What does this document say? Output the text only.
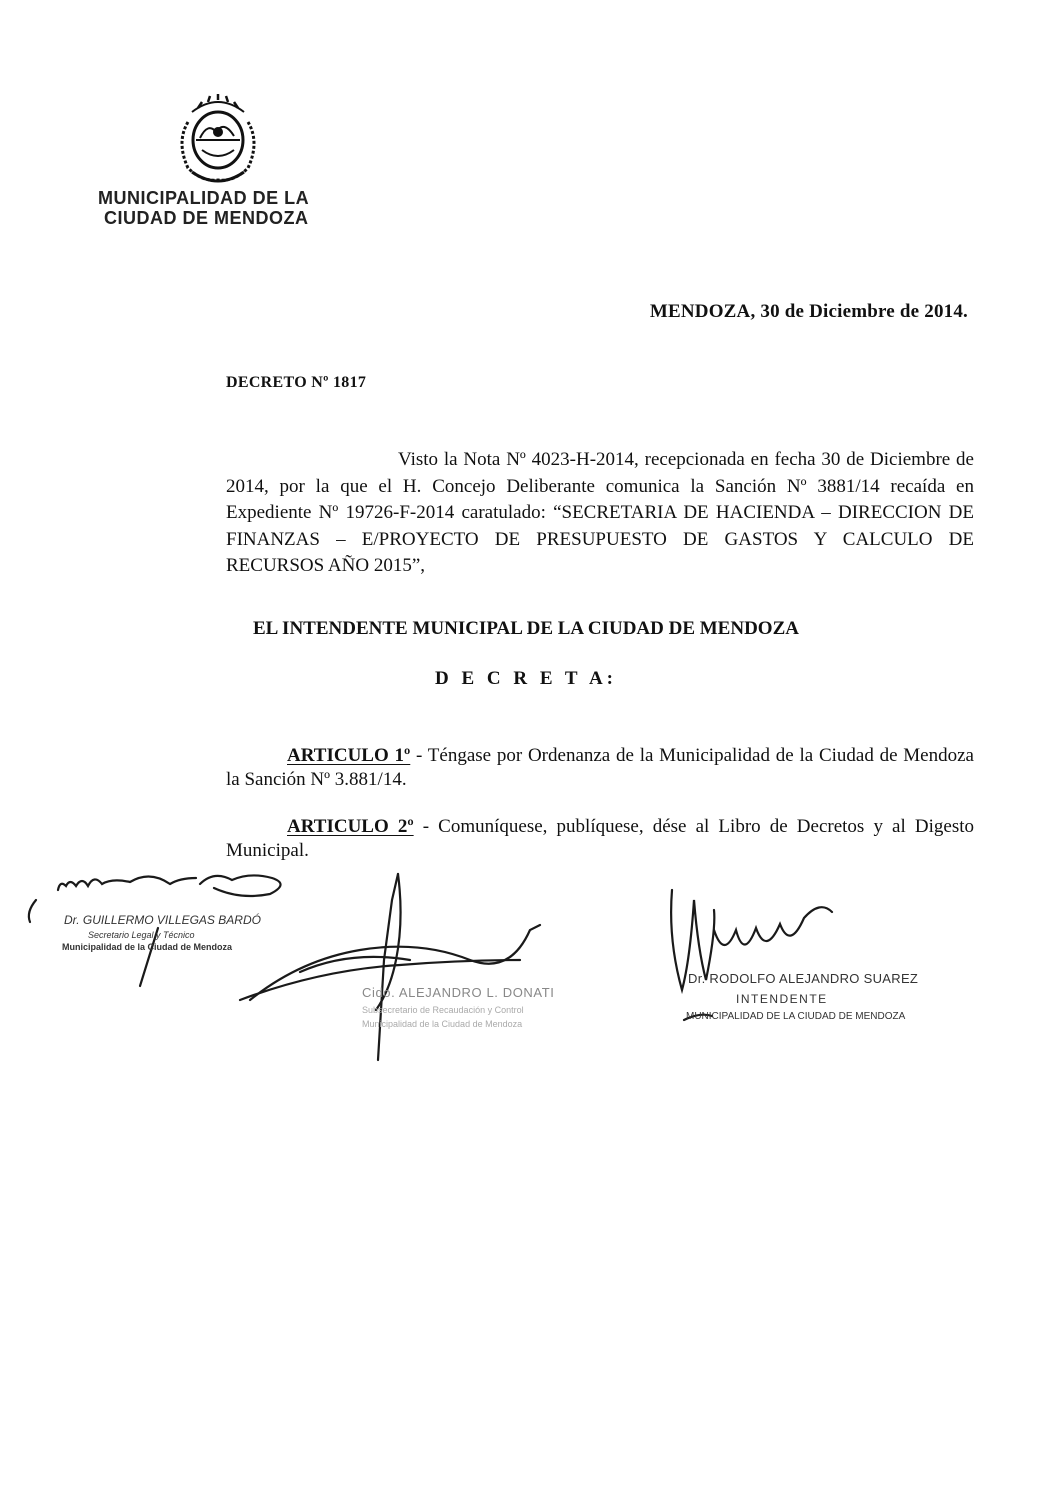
MUNICIPALIDAD DE LA
CIUDAD DE MENDOZA
MENDOZA, 30 de Diciembre de 2014.
DECRETO Nº 1817
Visto la Nota Nº 4023-H-2014, recepcionada en fecha 30 de Diciembre de 2014, por la que el H. Concejo Deliberante comunica la Sanción Nº 3881/14 recaída en Expediente Nº 19726-F-2014 caratulado: “SECRETARIA DE HACIENDA – DIRECCION DE FINANZAS – E/PROYECTO DE PRESUPUESTO DE GASTOS Y CALCULO DE RECURSOS AÑO 2015”,
EL INTENDENTE MUNICIPAL DE LA CIUDAD DE MENDOZA
D E C R E T A:
ARTICULO 1º - Téngase por Ordenanza de la Municipalidad de la Ciudad de Mendoza la Sanción Nº 3.881/14.
ARTICULO 2º - Comuníquese, publíquese, dése al Libro de Decretos y al Digesto Municipal.
Dr. GUILLERMO VILLEGAS BARDÓ
Secretario Legal y Técnico
Municipalidad de la Ciudad de Mendoza
Cido. ALEJANDRO L. DONATI
Subsecretario de Recaudación y Control
Municipalidad de la Ciudad de Mendoza
Dr. RODOLFO ALEJANDRO SUAREZ
INTENDENTE
MUNICIPALIDAD DE LA CIUDAD DE MENDOZA
